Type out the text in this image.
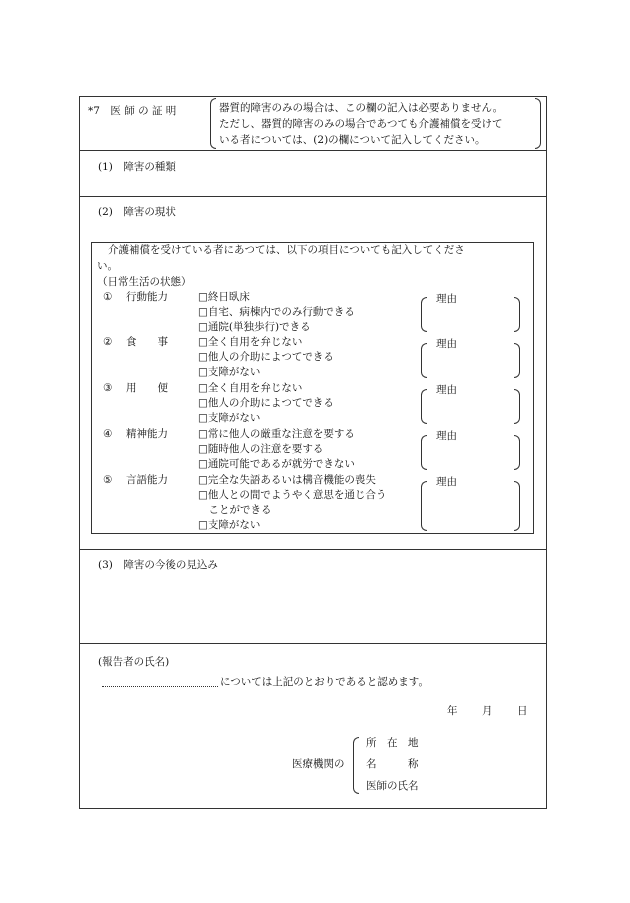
*7　医 師 の 証 明	器質的障害のみの場合は、この欄の記入は必要ありません。
ただし、器質的障害のみの場合であつても介護補償を受けて
いる者については、(2)の欄について記入してください。
(1)　障害の種類
(2)　障害の現状
介護補償を受けている者にあつては、以下の項目についても記入してくださ
い。
（日常生活の状態）
① 行動能力	□終日臥床
□自宅、病棟内でのみ行動できる
□通院(単独歩行)できる
理由
② 食　　事	□全く自用を弁じない
□他人の介助によつてできる
□支障がない
理由
③ 用　　便	□全く自用を弁じない
□他人の介助によつてできる
□支障がない
理由
④ 精神能力	□常に他人の厳重な注意を要する
□随時他人の注意を要する
□通院可能であるが就労できない
理由
⑤ 言語能力	□完全な失語あるいは構音機能の喪失
□他人との間でようやく意思を通じ合う
　ことができる
□支障がない
理由
(3)　障害の今後の見込み
(報告者の氏名)
については上記のとおりであると認めます。
年 月 日
医療機関の
所　在　地
名　　　称
医師の氏名
